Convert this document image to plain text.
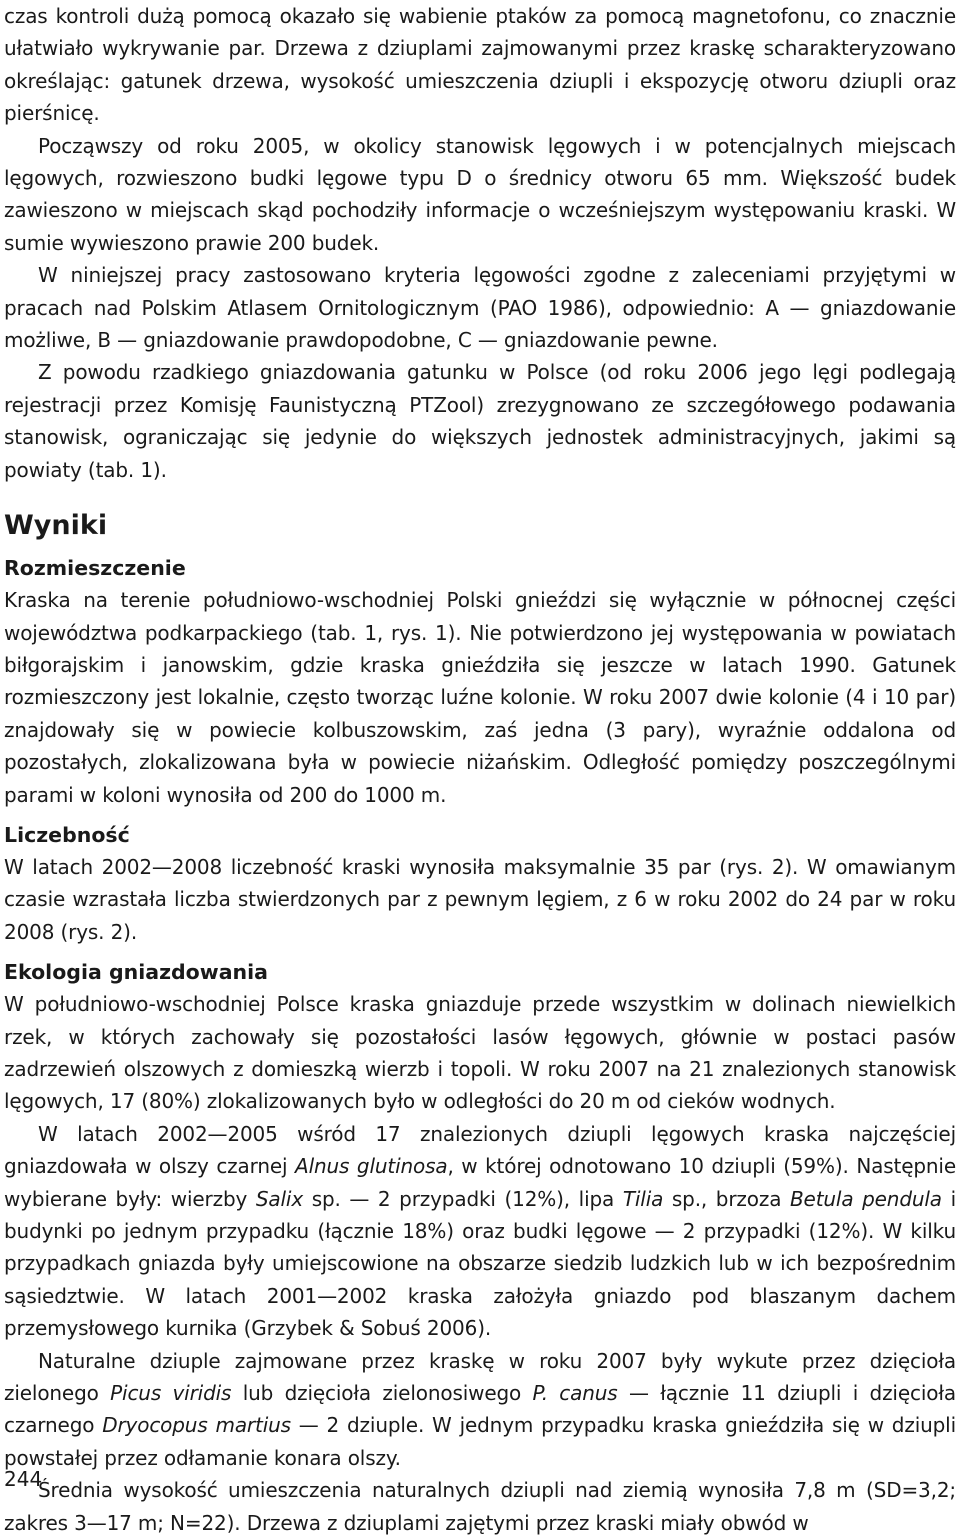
czas kontroli dużą pomocą okazało się wabienie ptaków za pomocą magnetofonu, co znacznie ułatwiało wykrywanie par. Drzewa z dziuplami zajmowanymi przez kraskę scharakteryzowano określając: gatunek drzewa, wysokość umieszczenia dziupli i ekspozycję otworu dziupli oraz pierśnicę.

Począwszy od roku 2005, w okolicy stanowisk lęgowych i w potencjalnych miejscach lęgowych, rozwieszono budki lęgowe typu D o średnicy otworu 65 mm. Większość budek zawieszono w miejscach skąd pochodziły informacje o wcześniejszym występowaniu kraski. W sumie wywieszono prawie 200 budek.

W niniejszej pracy zastosowano kryteria lęgowości zgodne z zaleceniami przyjętymi w pracach nad Polskim Atlasem Ornitologicznym (PAO 1986), odpowiednio: A — gniazdowanie możliwe, B — gniazdowanie prawdopodobne, C — gniazdowanie pewne.

Z powodu rzadkiego gniazdowania gatunku w Polsce (od roku 2006 jego lęgi podlegają rejestracji przez Komisję Faunistyczną PTZool) zrezygnowano ze szczegółowego podawania stanowisk, ograniczając się jedynie do większych jednostek administracyjnych, jakimi są powiaty (tab. 1).

Wyniki
Rozmieszczenie

Kraska na terenie południowo-wschodniej Polski gnieździ się wyłącznie w północnej części województwa podkarpackiego (tab. 1, rys. 1). Nie potwierdzono jej występowania w powiatach biłgorajskim i janowskim, gdzie kraska gnieździła się jeszcze w latach 1990. Gatunek rozmieszczony jest lokalnie, często tworząc luźne kolonie. W roku 2007 dwie kolonie (4 i 10 par) znajdowały się w powiecie kolbuszowskim, zaś jedna (3 pary), wyraźnie oddalona od pozostałych, zlokalizowana była w powiecie niżańskim. Odległość pomiędzy poszczególnymi parami w koloni wynosiła od 200 do 1000 m.

Liczebność

W latach 2002—2008 liczebność kraski wynosiła maksymalnie 35 par (rys. 2). W omawianym czasie wzrastała liczba stwierdzonych par z pewnym lęgiem, z 6 w roku 2002 do 24 par w roku 2008 (rys. 2).

Ekologia gniazdowania

W południowo-wschodniej Polsce kraska gniazduje przede wszystkim w dolinach niewielkich rzek, w których zachowały się pozostałości lasów łęgowych, głównie w postaci pasów zadrzewień olszowych z domieszką wierzb i topoli. W roku 2007 na 21 znalezionych stanowisk lęgowych, 17 (80%) zlokalizowanych było w odległości do 20 m od cieków wodnych.

W latach 2002—2005 wśród 17 znalezionych dziupli lęgowych kraska najczęściej gniazdowała w olszy czarnej Alnus glutinosa, w której odnotowano 10 dziupli (59%). Następnie wybierane były: wierzby Salix sp. — 2 przypadki (12%), lipa Tilia sp., brzoza Betula pendula i budynki po jednym przypadku (łącznie 18%) oraz budki lęgowe — 2 przypadki (12%). W kilku przypadkach gniazda były umiejscowione na obszarze siedzib ludzkich lub w ich bezpośrednim sąsiedztwie. W latach 2001—2002 kraska założyła gniazdo pod blaszanym dachem przemysłowego kurnika (Grzybek & Sobuś 2006).

Naturalne dziuple zajmowane przez kraskę w roku 2007 były wykute przez dzięcioła zielonego Picus viridis lub dzięcioła zielonosiwego P. canus — łącznie 11 dziupli i dzięcioła czarnego Dryocopus martius — 2 dziuple. W jednym przypadku kraska gnieździła się w dziupli powstałej przez odłamanie konara olszy.

Średnia wysokość umieszczenia naturalnych dziupli nad ziemią wynosiła 7,8 m (SD=3,2; zakres 3—17 m; N=22). Drzewa z dziuplami zajętymi przez kraski miały obwód w

244
